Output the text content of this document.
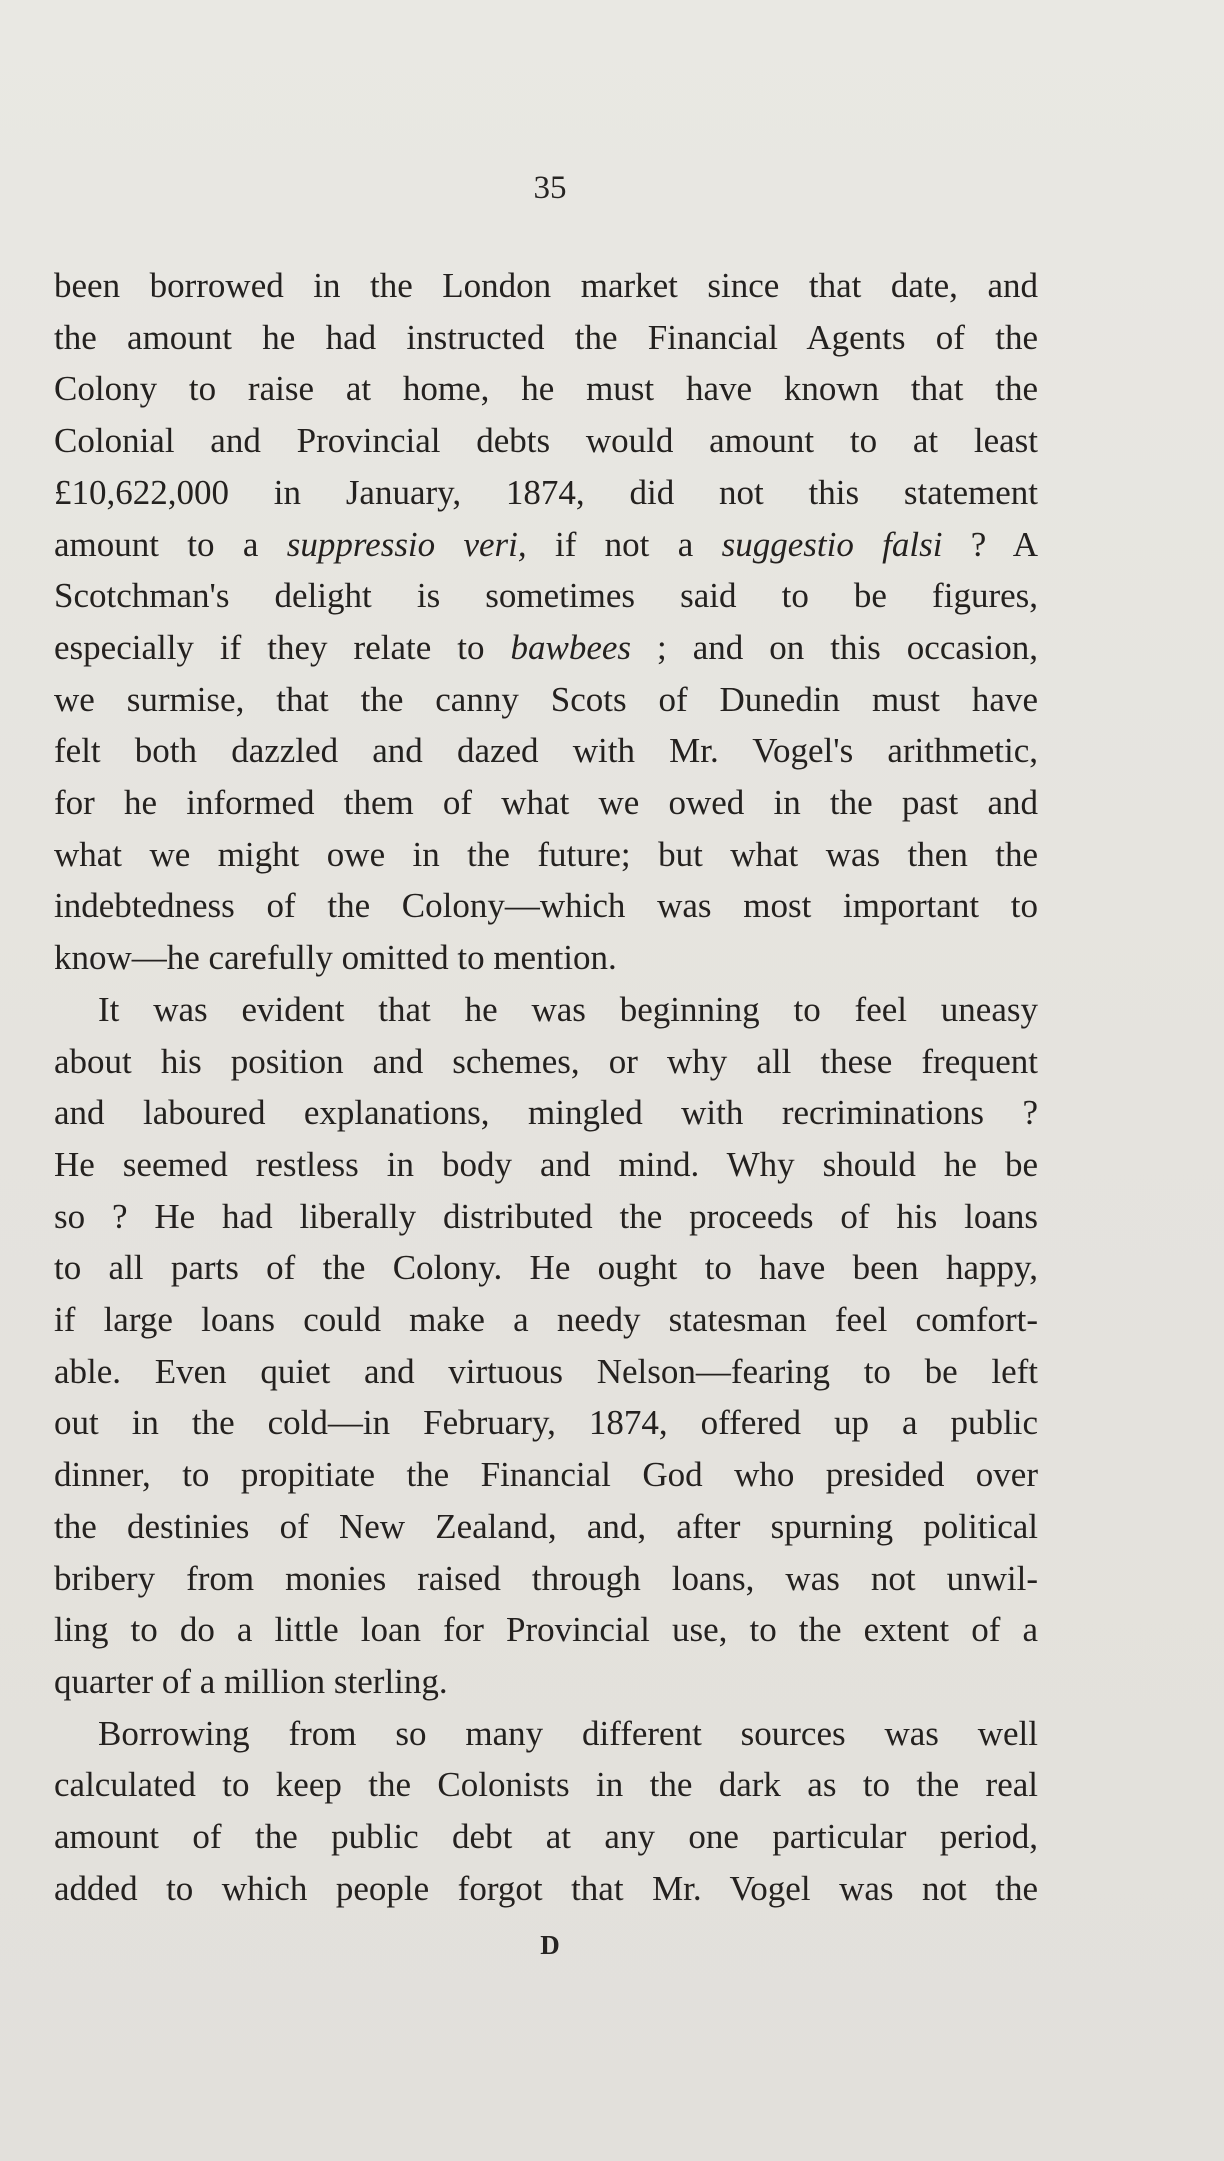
35

been borrowed in the London market since that date, and
the amount he had instructed the Financial Agents of the
Colony to raise at home, he must have known that the
Colonial and Provincial debts would amount to at least
£10,622,000 in January, 1874, did not this statement
amount to a suppressio veri, if not a suggestio falsi ? A
Scotchman's delight is sometimes said to be figures,
especially if they relate to bawbees ; and on this occasion,
we surmise, that the canny Scots of Dunedin must have
felt both dazzled and dazed with Mr. Vogel's arithmetic,
for he informed them of what we owed in the past and
what we might owe in the future; but what was then the
indebtedness of the Colony—which was most important to
know—he carefully omitted to mention.

It was evident that he was beginning to feel uneasy
about his position and schemes, or why all these frequent
and laboured explanations, mingled with recriminations ?
He seemed restless in body and mind. Why should he be
so ? He had liberally distributed the proceeds of his loans
to all parts of the Colony. He ought to have been happy,
if large loans could make a needy statesman feel comfort-
able. Even quiet and virtuous Nelson—fearing to be left
out in the cold—in February, 1874, offered up a public
dinner, to propitiate the Financial God who presided over
the destinies of New Zealand, and, after spurning political
bribery from monies raised through loans, was not unwil-
ling to do a little loan for Provincial use, to the extent of a
quarter of a million sterling.

Borrowing from so many different sources was well
calculated to keep the Colonists in the dark as to the real
amount of the public debt at any one particular period,
added to which people forgot that Mr. Vogel was not the

D
